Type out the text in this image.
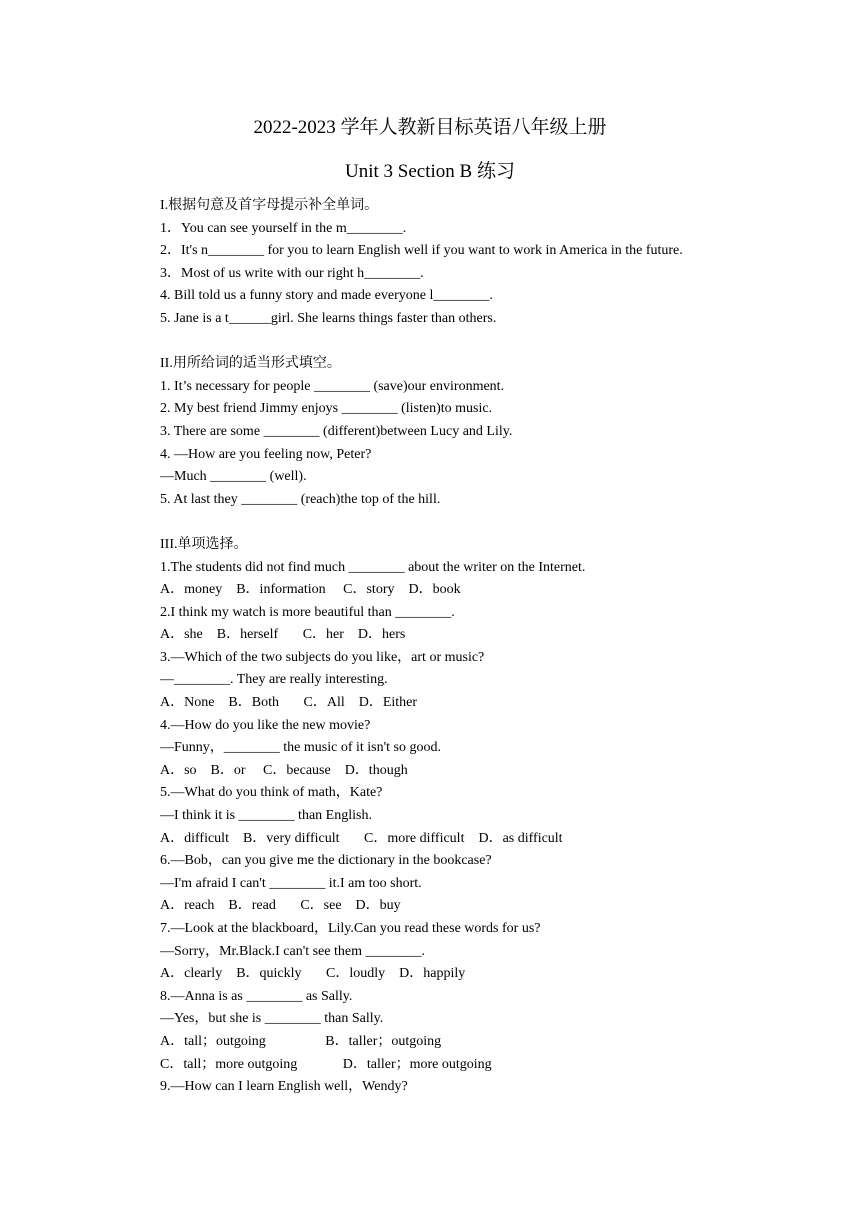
2022-2023 学年人教新目标英语八年级上册
Unit 3 Section B 练习
I.根据句意及首字母提示补全单词。
1．You can see yourself in the m________.
2．It's n________ for you to learn English well if you want to work in America in the future.
3．Most of us write with our right h________.
4. Bill told us a funny story and made everyone l________.
5. Jane is a t______girl. She learns things faster than others.
II.用所给词的适当形式填空。
1. It’s necessary for people ________ (save)our environment.
2. My best friend Jimmy enjoys ________ (listen)to music.
3. There are some ________ (different)between Lucy and Lily.
4. —How are you feeling now, Peter?
—Much ________ (well).
5. At last they ________ (reach)the top of the hill.
III.单项选择。
1.The students did not find much ________ about the writer on the Internet.
A．money    B．information     C．story    D．book
2.I think my watch is more beautiful than ________.
A．she    B．herself       C．her    D．hers
3.—Which of the two subjects do you like，art or music?
—________. They are really interesting.
A．None    B．Both       C．All    D．Either
4.—How do you like the new movie?
—Funny，________ the music of it isn't so good.
A．so    B．or     C．because    D．though
5.—What do you think of math，Kate?
—I think it is ________ than English.
A．difficult    B．very difficult       C．more difficult    D．as difficult
6.—Bob，can you give me the dictionary in the bookcase?
—I'm afraid I can't ________ it.I am too short.
A．reach    B．read       C．see    D．buy
7.—Look at the blackboard，Lily.Can you read these words for us?
—Sorry，Mr.Black.I can't see them ________.
A．clearly    B．quickly       C．loudly    D．happily
8.—Anna is as ________ as Sally.
—Yes，but she is ________ than Sally.
A．tall；outgoing                 B．taller；outgoing
C．tall；more outgoing             D．taller；more outgoing
9.—How can I learn English well，Wendy?
